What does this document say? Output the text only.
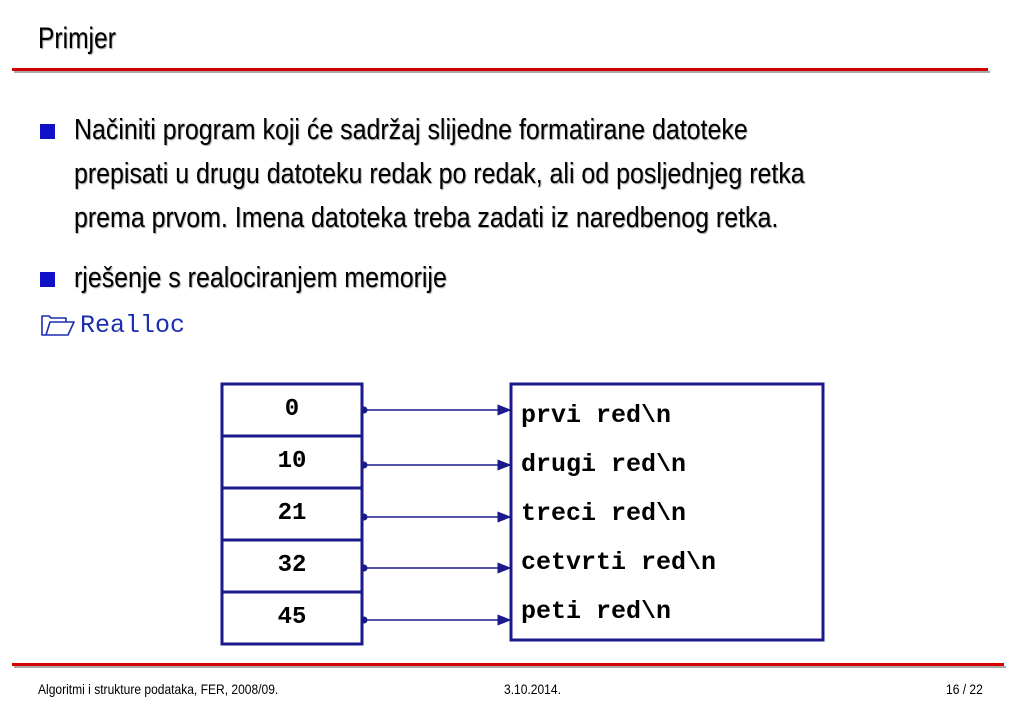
Primjer
Načiniti program koji će sadržaj slijedne formatirane datoteke
prepisati u drugu datoteku redak po redak, ali od posljednjeg retka
prema prvom. Imena datoteka treba zadati iz naredbenog retka.
rješenje s realociranjem memorije
Realloc
0
10
21
32
45
prvi red\n
drugi red\n
treci red\n
cetvrti red\n
peti red\n
Algoritmi i strukture podataka, FER, 2008/09.	3.10.2014.	16 / 22
